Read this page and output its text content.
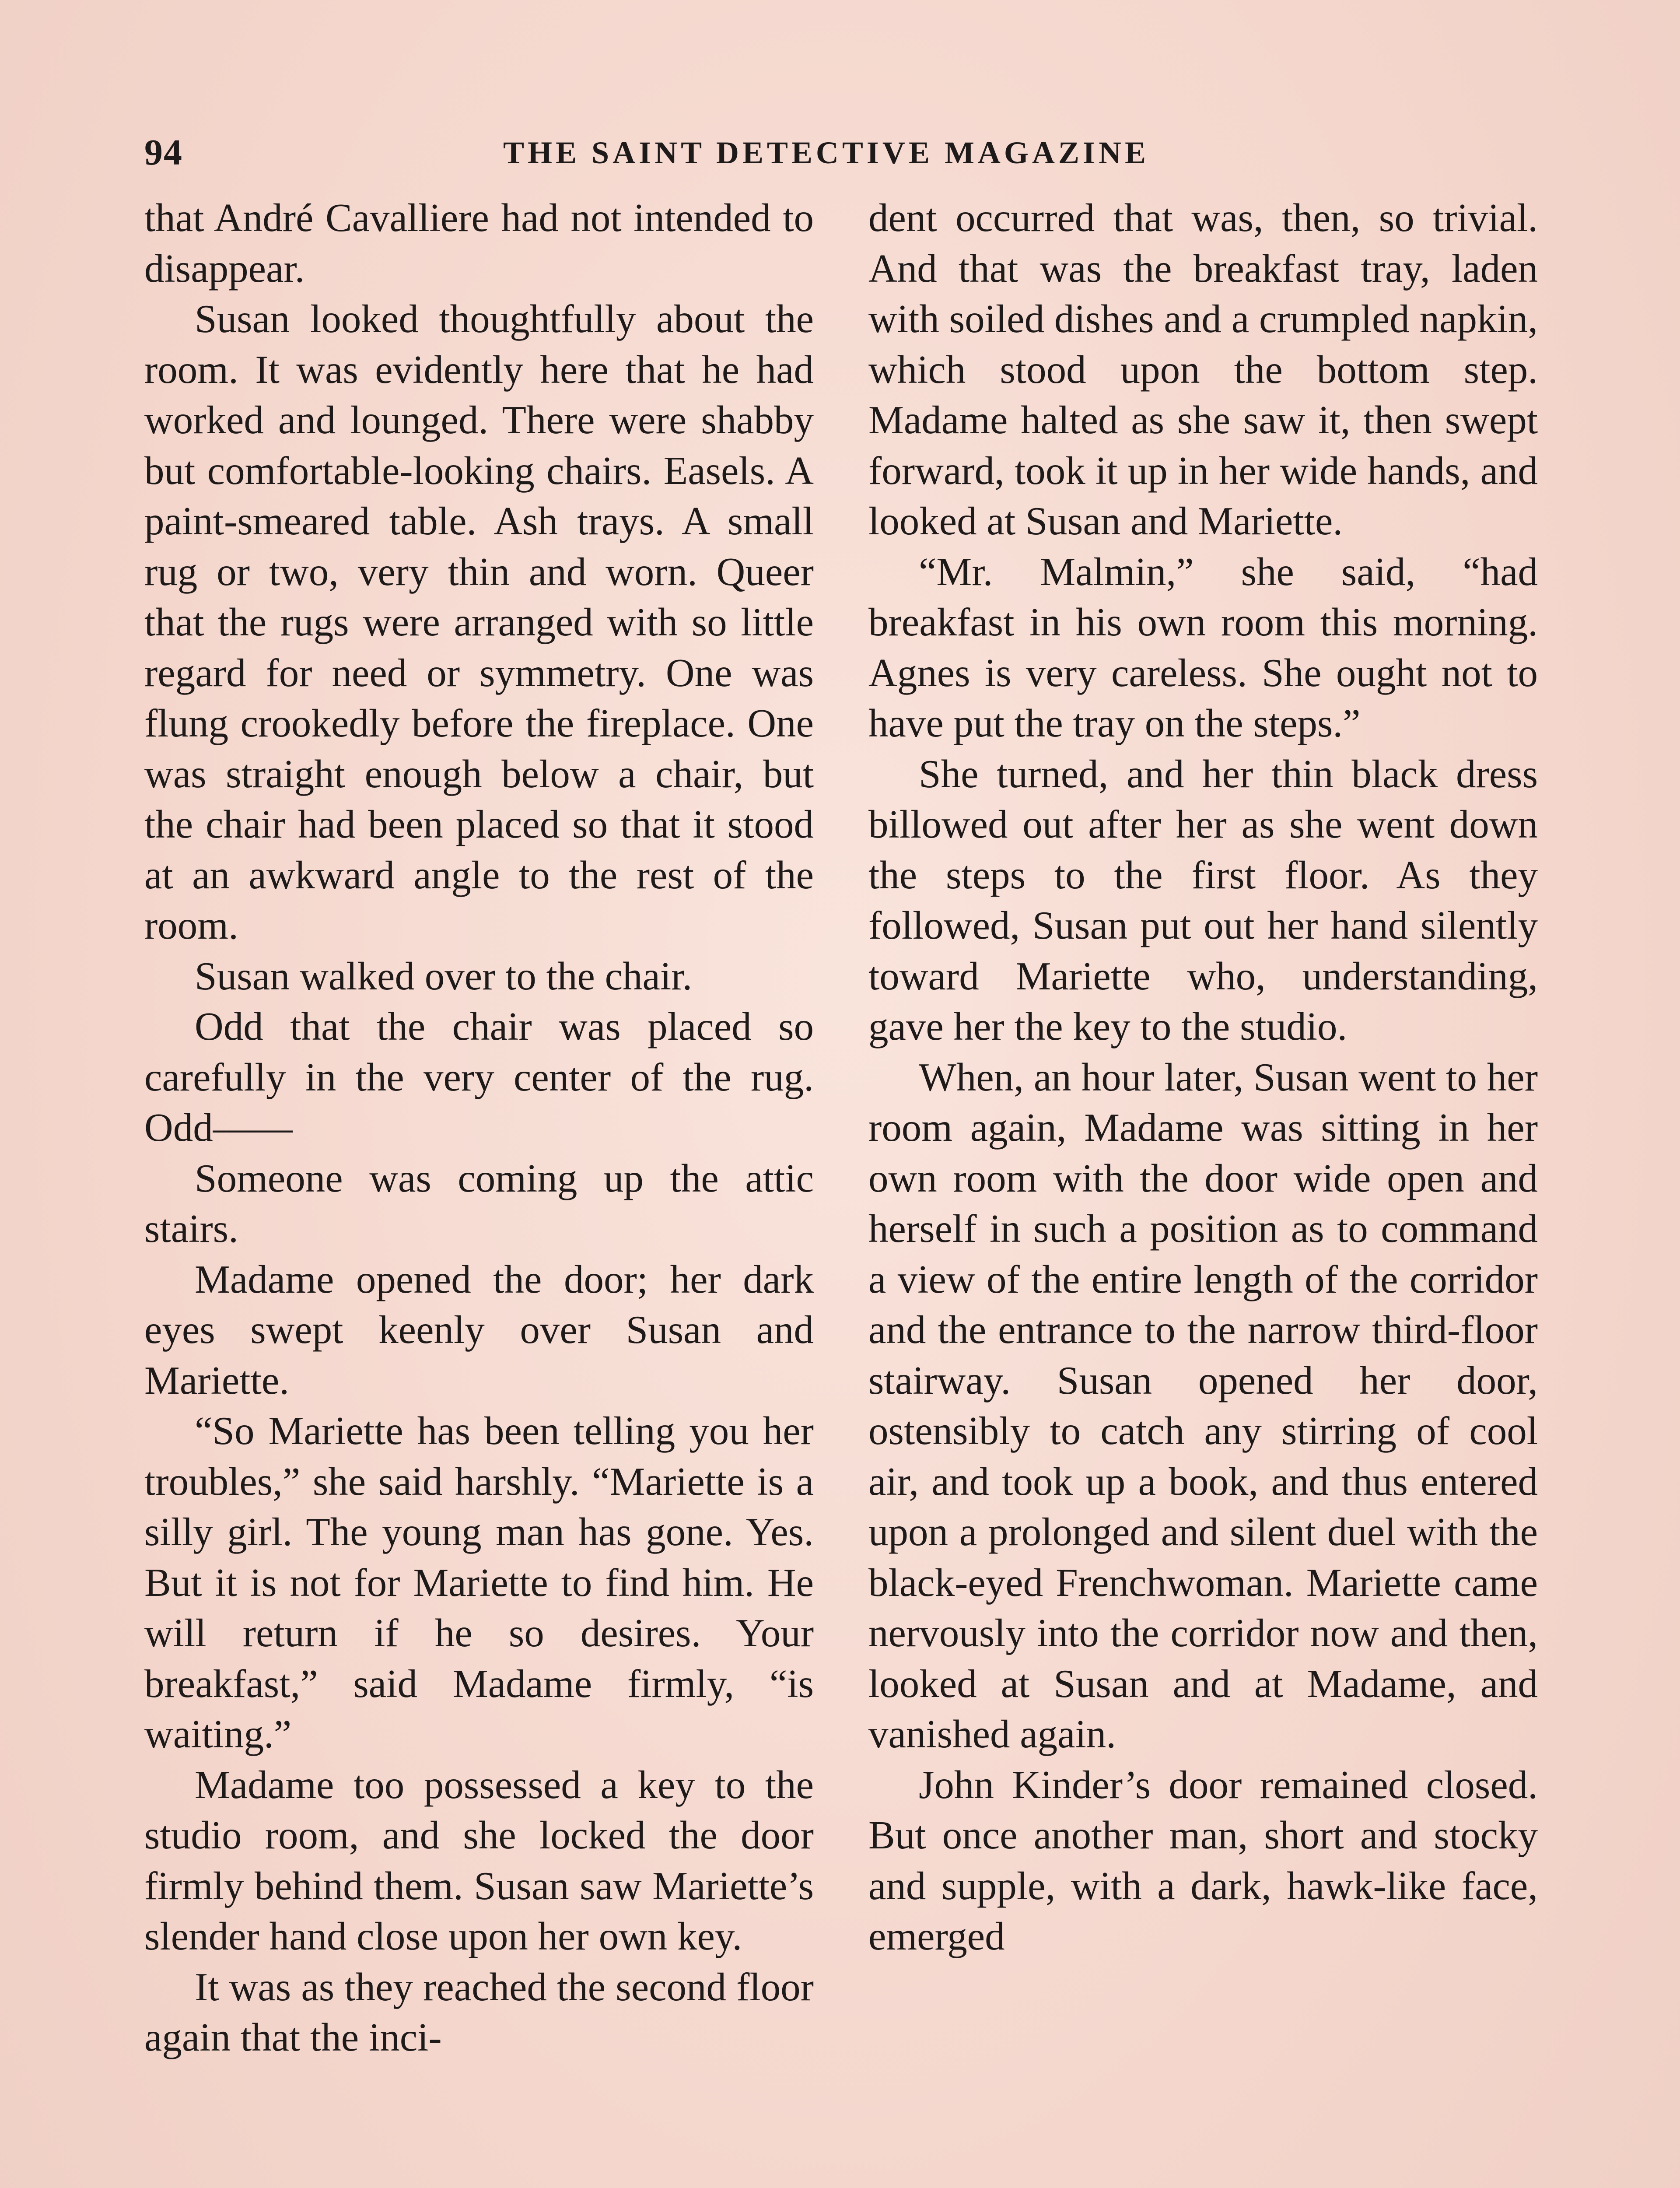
94	THE SAINT DETECTIVE MAGAZINE

that André Cavalliere had not intended to disappear.

Susan looked thoughtfully about the room. It was evidently here that he had worked and lounged. There were shabby but comfortable-looking chairs. Easels. A paint-smeared table. Ash trays. A small rug or two, very thin and worn. Queer that the rugs were arranged with so little regard for need or symmetry. One was flung crookedly before the fireplace. One was straight enough below a chair, but the chair had been placed so that it stood at an awkward angle to the rest of the room.

Susan walked over to the chair.

Odd that the chair was placed so carefully in the very center of the rug. Odd——

Someone was coming up the attic stairs.

Madame opened the door; her dark eyes swept keenly over Susan and Mariette.

“So Mariette has been telling you her troubles,” she said harshly. “Mariette is a silly girl. The young man has gone. Yes. But it is not for Mariette to find him. He will return if he so desires. Your breakfast,” said Madame firmly, “is waiting.”

Madame too possessed a key to the studio room, and she locked the door firmly behind them. Susan saw Mariette’s slender hand close upon her own key.

It was as they reached the second floor again that the inci-

dent occurred that was, then, so trivial. And that was the breakfast tray, laden with soiled dishes and a crumpled napkin, which stood upon the bottom step. Madame halted as she saw it, then swept forward, took it up in her wide hands, and looked at Susan and Mariette.

“Mr. Malmin,” she said, “had breakfast in his own room this morning. Agnes is very careless. She ought not to have put the tray on the steps.”

She turned, and her thin black dress billowed out after her as she went down the steps to the first floor. As they followed, Susan put out her hand silently toward Mariette who, understanding, gave her the key to the studio.

When, an hour later, Susan went to her room again, Madame was sitting in her own room with the door wide open and herself in such a position as to command a view of the entire length of the corridor and the entrance to the narrow third-floor stairway. Susan opened her door, ostensibly to catch any stirring of cool air, and took up a book, and thus entered upon a prolonged and silent duel with the black-eyed Frenchwoman. Mariette came nervously into the corridor now and then, looked at Susan and at Madame, and vanished again.

John Kinder’s door remained closed. But once another man, short and stocky and supple, with a dark, hawk-like face, emerged
